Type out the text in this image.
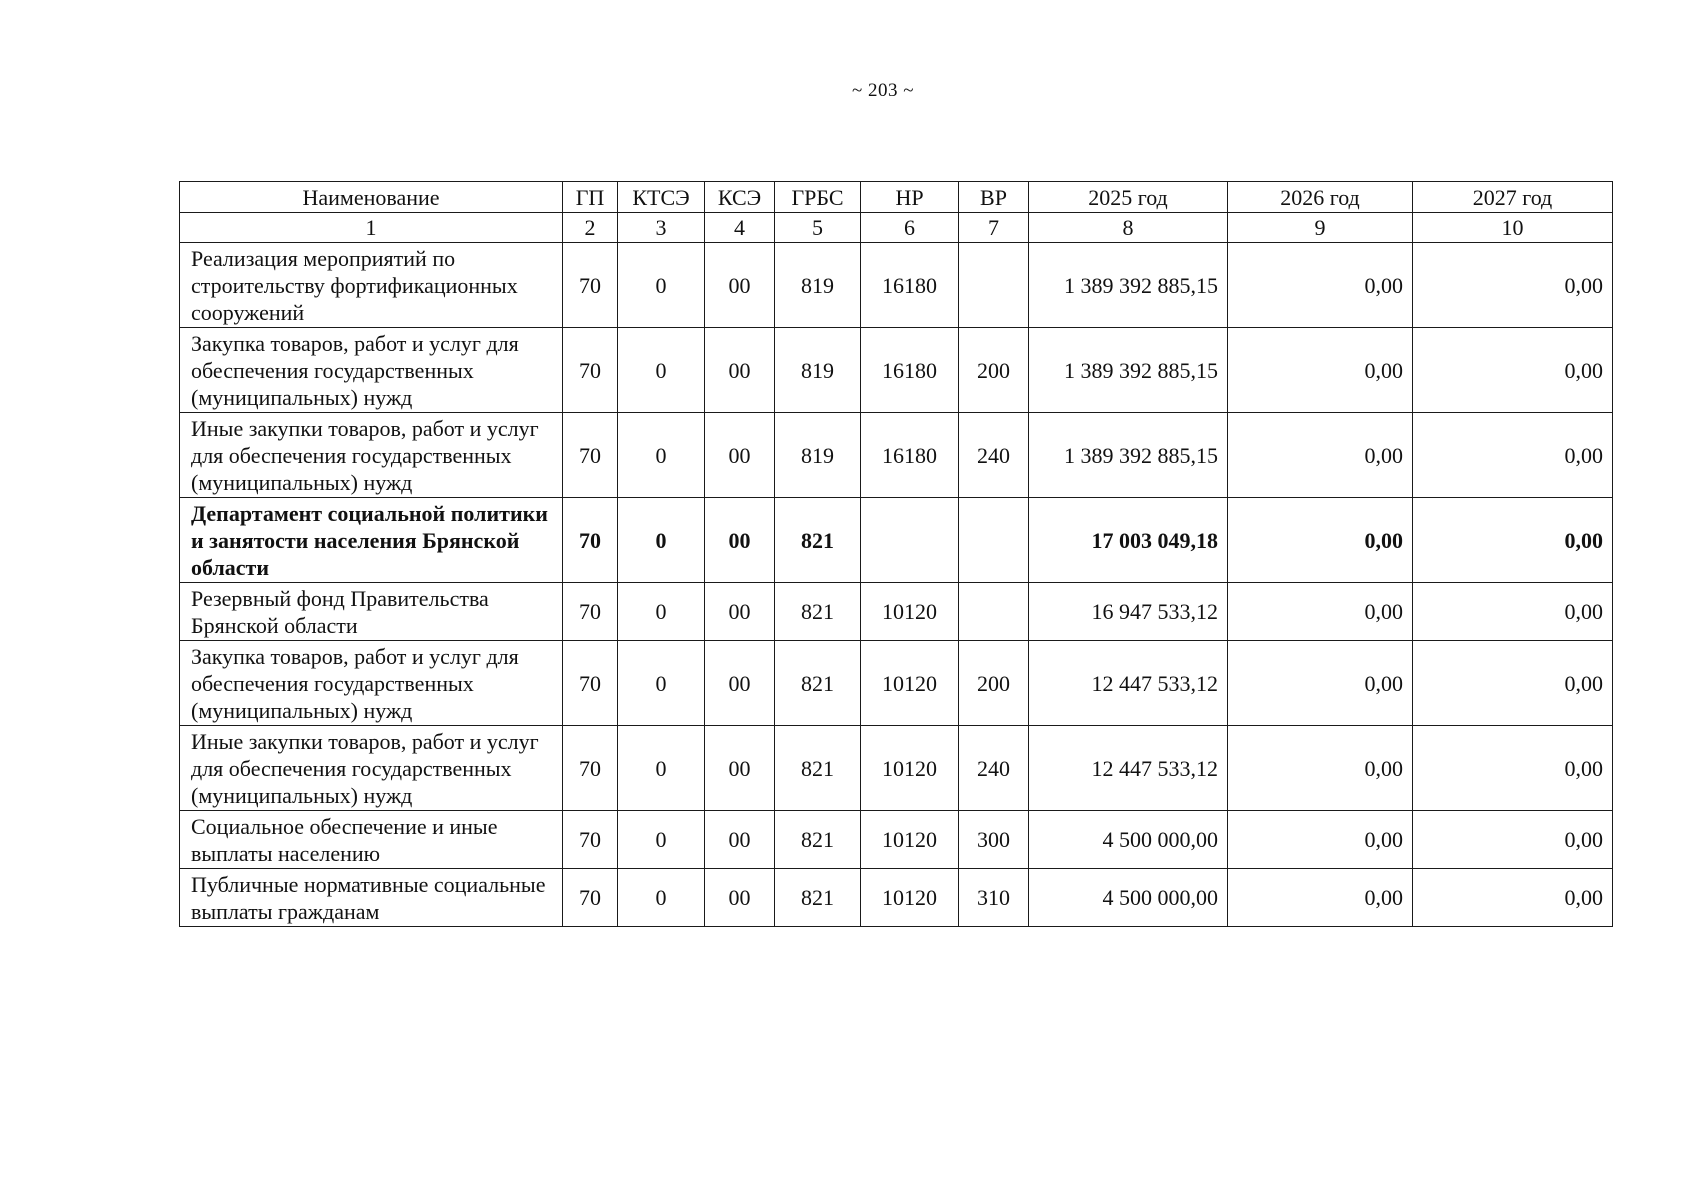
~ 203 ~
Наименование	ГП	КТСЭ	КСЭ	ГРБС	НР	ВР	2025 год	2026 год	2027 год
1	2	3	4	5	6	7	8	9	10
Реализация мероприятий по строительству фортификационных сооружений	70	0	00	819	16180		1 389 392 885,15	0,00	0,00
Закупка товаров, работ и услуг для обеспечения государственных (муниципальных) нужд	70	0	00	819	16180	200	1 389 392 885,15	0,00	0,00
Иные закупки товаров, работ и услуг для обеспечения государственных (муниципальных) нужд	70	0	00	819	16180	240	1 389 392 885,15	0,00	0,00
Департамент социальной политики и занятости населения Брянской области	70	0	00	821			17 003 049,18	0,00	0,00
Резервный фонд Правительства Брянской области	70	0	00	821	10120		16 947 533,12	0,00	0,00
Закупка товаров, работ и услуг для обеспечения государственных (муниципальных) нужд	70	0	00	821	10120	200	12 447 533,12	0,00	0,00
Иные закупки товаров, работ и услуг для обеспечения государственных (муниципальных) нужд	70	0	00	821	10120	240	12 447 533,12	0,00	0,00
Социальное обеспечение и иные выплаты населению	70	0	00	821	10120	300	4 500 000,00	0,00	0,00
Публичные нормативные социальные выплаты гражданам	70	0	00	821	10120	310	4 500 000,00	0,00	0,00
